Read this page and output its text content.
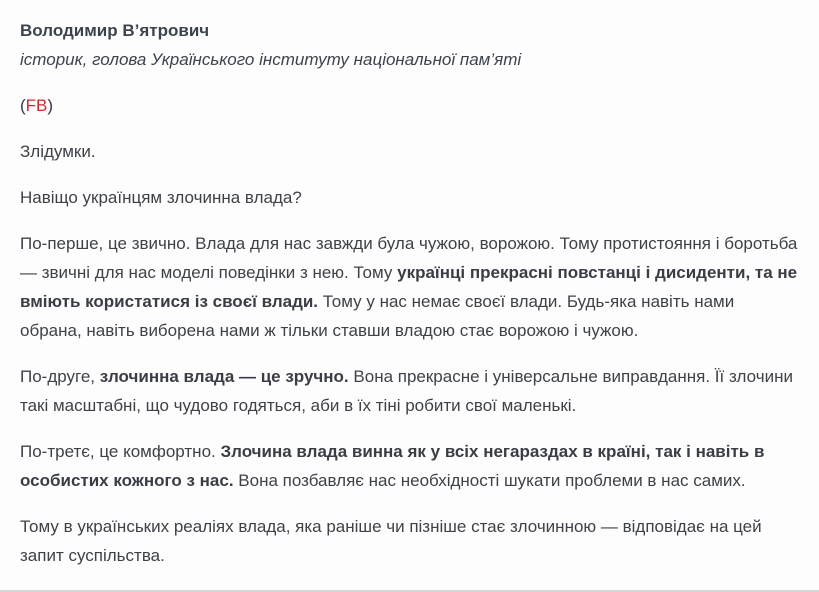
Володимир В’ятрович

історик, голова Українського інституту національної пам’яті

(FB)

Злідумки.

Навіщо українцям злочинна влада?

По-перше, це звично. Влада для нас завжди була чужою, ворожою. Тому протистояння і боротьба — звичні для нас моделі поведінки з нею. Тому українці прекрасні повстанці і дисиденти, та не вміють користатися із своєї влади. Тому у нас немає своєї влади. Будь-яка навіть нами обрана, навіть виборена нами ж тільки ставши владою стає ворожою і чужою.

По-друге, злочинна влада — це зручно. Вона прекрасне і універсальне виправдання. Її злочини такі масштабні, що чудово годяться, аби в їх тіні робити свої маленькі.

По-третє, це комфортно. Злочина влада винна як у всіх негараздах в країні, так і навіть в особистих кожного з нас. Вона позбавляє нас необхідності шукати проблеми в нас самих.

Тому в українських реаліях влада, яка раніше чи пізніше стає злочинною — відповідає на цей запит суспільства.
